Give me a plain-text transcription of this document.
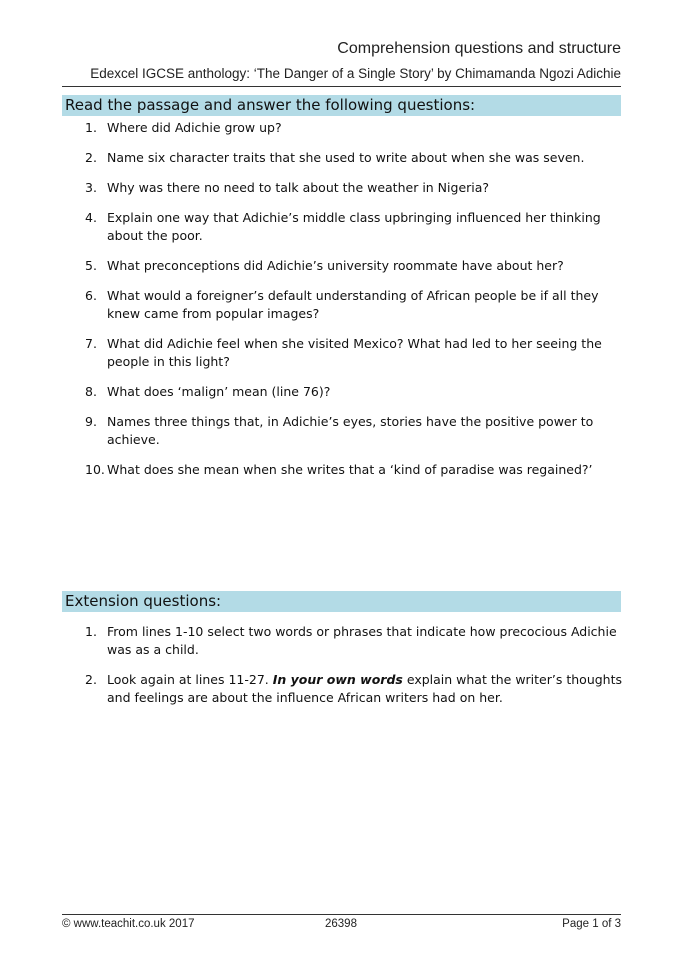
Comprehension questions and structure
Edexcel IGCSE anthology: ‘The Danger of a Single Story’ by Chimamanda Ngozi Adichie
Read the passage and answer the following questions:
1. Where did Adichie grow up?
2. Name six character traits that she used to write about when she was seven.
3. Why was there no need to talk about the weather in Nigeria?
4. Explain one way that Adichie’s middle class upbringing influenced her thinking about the poor.
5. What preconceptions did Adichie’s university roommate have about her?
6. What would a foreigner’s default understanding of African people be if all they knew came from popular images?
7. What did Adichie feel when she visited Mexico? What had led to her seeing the people in this light?
8. What does ‘malign’ mean (line 76)?
9. Names three things that, in Adichie’s eyes, stories have the positive power to achieve.
10. What does she mean when she writes that a ‘kind of paradise was regained?’
Extension questions:
1. From lines 1-10 select two words or phrases that indicate how precocious Adichie was as a child.
2. Look again at lines 11-27. In your own words explain what the writer’s thoughts and feelings are about the influence African writers had on her.
© www.teachit.co.uk 2017	26398	Page 1 of 3
